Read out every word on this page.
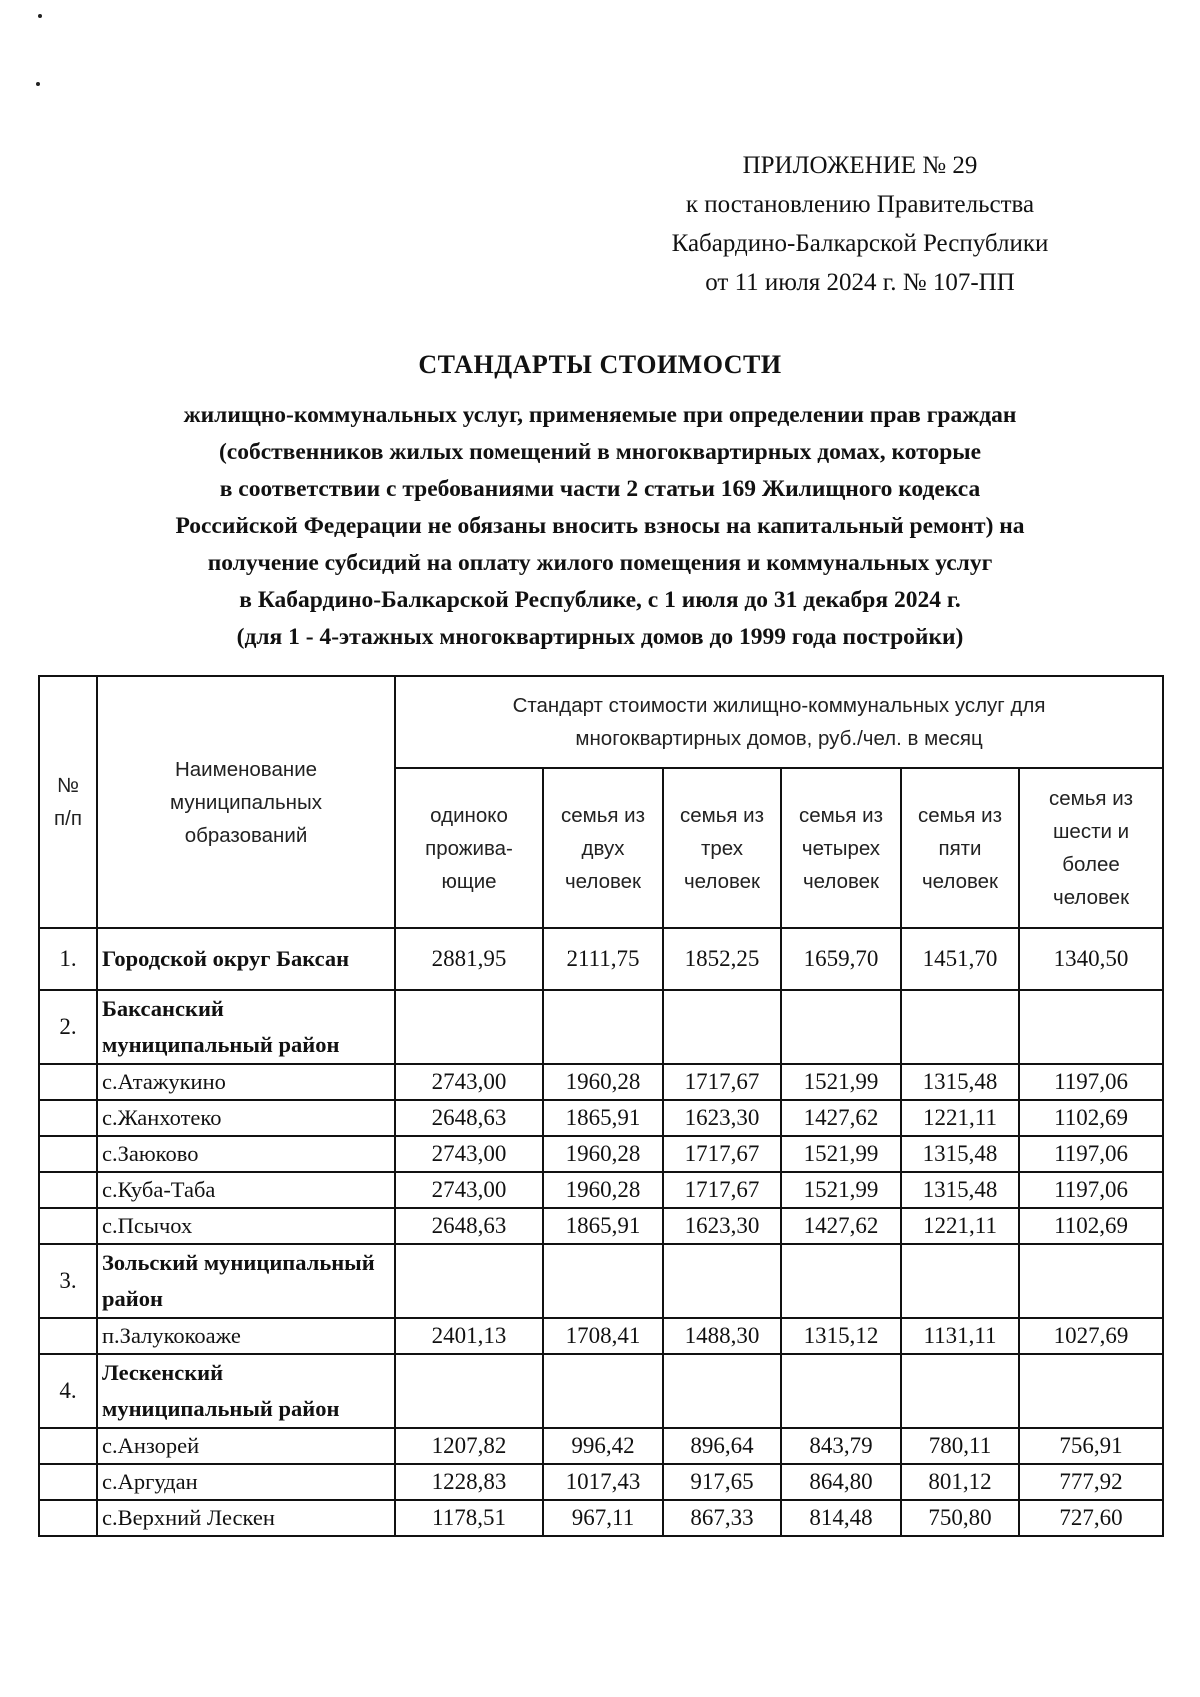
ПРИЛОЖЕНИЕ № 29
к постановлению Правительства
Кабардино-Балкарской Республики
от 11 июля 2024 г. № 107-ПП
СТАНДАРТЫ СТОИМОСТИ
жилищно-коммунальных услуг, применяемые при определении прав граждан
(собственников жилых помещений в многоквартирных домах, которые
в соответствии с требованиями части 2 статьи 169 Жилищного кодекса
Российской Федерации не обязаны вносить взносы на капитальный ремонт) на
получение субсидий на оплату жилого помещения и коммунальных услуг
в Кабардино-Балкарской Республике, с 1 июля до 31 декабря 2024 г.
(для 1 - 4-этажных многоквартирных домов до 1999 года постройки)
№ п/п	Наименование муниципальных образований	Стандарт стоимости жилищно-коммунальных услуг для многоквартирных домов, руб./чел. в месяц					
		одиноко прожива-ющие	семья из двух человек	семья из трех человек	семья из четырех человек	семья из пяти человек	семья из шести и более человек
1.	Городской округ Баксан	2881,95	2111,75	1852,25	1659,70	1451,70	1340,50
2.	Баксанский муниципальный район						
	с.Атажукино	2743,00	1960,28	1717,67	1521,99	1315,48	1197,06
	с.Жанхотеко	2648,63	1865,91	1623,30	1427,62	1221,11	1102,69
	с.Заюково	2743,00	1960,28	1717,67	1521,99	1315,48	1197,06
	с.Куба-Таба	2743,00	1960,28	1717,67	1521,99	1315,48	1197,06
	с.Псычох	2648,63	1865,91	1623,30	1427,62	1221,11	1102,69
3.	Зольский муниципальный район						
	п.Залукокоаже	2401,13	1708,41	1488,30	1315,12	1131,11	1027,69
4.	Лескенский муниципальный район						
	с.Анзорей	1207,82	996,42	896,64	843,79	780,11	756,91
	с.Аргудан	1228,83	1017,43	917,65	864,80	801,12	777,92
	с.Верхний Лескен	1178,51	967,11	867,33	814,48	750,80	727,60
